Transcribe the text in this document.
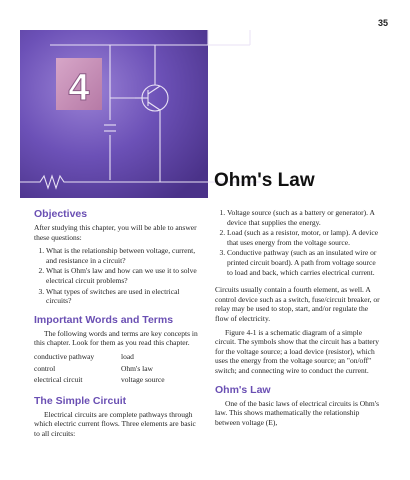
35
4
Ohm's Law
Objectives

After studying this chapter, you will be able to answer these questions:

1. What is the relationship between voltage, current, and resistance in a circuit?
2. What is Ohm's law and how can we use it to solve electrical circuit problems?
3. What types of switches are used in electrical circuits?
Important Words and Terms

The following words and terms are key concepts in this chapter. Look for them as you read this chapter.

conductive pathway	load
control	Ohm's law
electrical circuit	voltage source
The Simple Circuit

Electrical circuits are complete pathways through which electric current flows. Three elements are basic to all circuits:

1. Voltage source (such as a battery or generator). A device that supplies the energy.
2. Load (such as a resistor, motor, or lamp). A device that uses energy from the voltage source.
3. Conductive pathway (such as an insulated wire or printed circuit board). A path from voltage source to load and back, which carries electrical current.

Circuits usually contain a fourth element, as well. A control device such as a switch, fuse/circuit breaker, or relay may be used to stop, start, and/or regulate the flow of electricity.

Figure 4-1 is a schematic diagram of a simple circuit. The symbols show that the circuit has a battery for the voltage source; a load device (resistor), which uses the energy from the voltage source; an "on/off" switch; and connecting wire to conduct the current.

Ohm's Law

One of the basic laws of electrical circuits is Ohm's law. This shows mathematically the relationship between voltage (E),
